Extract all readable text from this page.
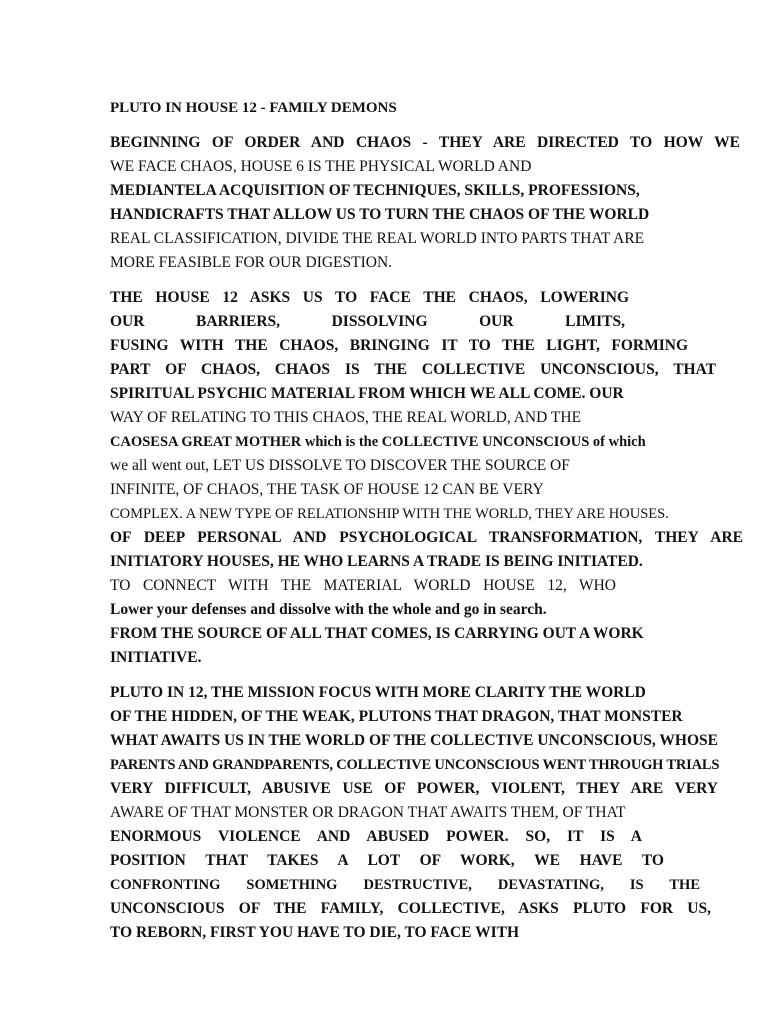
PLUTO IN HOUSE 12 - FAMILY DEMONS
BEGINNING OF ORDER AND CHAOS - THEY ARE DIRECTED TO HOW WE
WE FACE CHAOS, HOUSE 6 IS THE PHYSICAL WORLD AND
MEDIANTELA ACQUISITION OF TECHNIQUES, SKILLS, PROFESSIONS,
HANDICRAFTS THAT ALLOW US TO TURN THE CHAOS OF THE WORLD
REAL CLASSIFICATION, DIVIDE THE REAL WORLD INTO PARTS THAT ARE
MORE FEASIBLE FOR OUR DIGESTION.
THE HOUSE 12 ASKS US TO FACE THE CHAOS, LOWERING
OUR BARRIERS, DISSOLVING OUR LIMITS,
FUSING WITH THE CHAOS, BRINGING IT TO THE LIGHT, FORMING
PART OF CHAOS, CHAOS IS THE COLLECTIVE UNCONSCIOUS, THAT
SPIRITUAL PSYCHIC MATERIAL FROM WHICH WE ALL COME. OUR
WAY OF RELATING TO THIS CHAOS, THE REAL WORLD, AND THE
CAOSESA GREAT MOTHER which is the COLLECTIVE UNCONSCIOUS of which
we all went out, LET US DISSOLVE TO DISCOVER THE SOURCE OF
INFINITE, OF CHAOS, THE TASK OF HOUSE 12 CAN BE VERY
COMPLEX. A NEW TYPE OF RELATIONSHIP WITH THE WORLD, THEY ARE HOUSES.
OF DEEP PERSONAL AND PSYCHOLOGICAL TRANSFORMATION, THEY ARE
INITIATORY HOUSES, HE WHO LEARNS A TRADE IS BEING INITIATED.
TO CONNECT WITH THE MATERIAL WORLD HOUSE 12, WHO
Lower your defenses and dissolve with the whole and go in search.
FROM THE SOURCE OF ALL THAT COMES, IS CARRYING OUT A WORK
INITIATIVE.
PLUTO IN 12, THE MISSION FOCUS WITH MORE CLARITY THE WORLD
OF THE HIDDEN, OF THE WEAK, PLUTONS THAT DRAGON, THAT MONSTER
WHAT AWAITS US IN THE WORLD OF THE COLLECTIVE UNCONSCIOUS, WHOSE
PARENTS AND GRANDPARENTS, COLLECTIVE UNCONSCIOUS WENT THROUGH TRIALS
VERY DIFFICULT, ABUSIVE USE OF POWER, VIOLENT, THEY ARE VERY
AWARE OF THAT MONSTER OR DRAGON THAT AWAITS THEM, OF THAT
ENORMOUS VIOLENCE AND ABUSED POWER. SO, IT IS A
POSITION THAT TAKES A LOT OF WORK, WE HAVE TO
CONFRONTING SOMETHING DESTRUCTIVE, DEVASTATING, IS THE
UNCONSCIOUS OF THE FAMILY, COLLECTIVE, ASKS PLUTO FOR US,
TO REBORN, FIRST YOU HAVE TO DIE, TO FACE WITH
